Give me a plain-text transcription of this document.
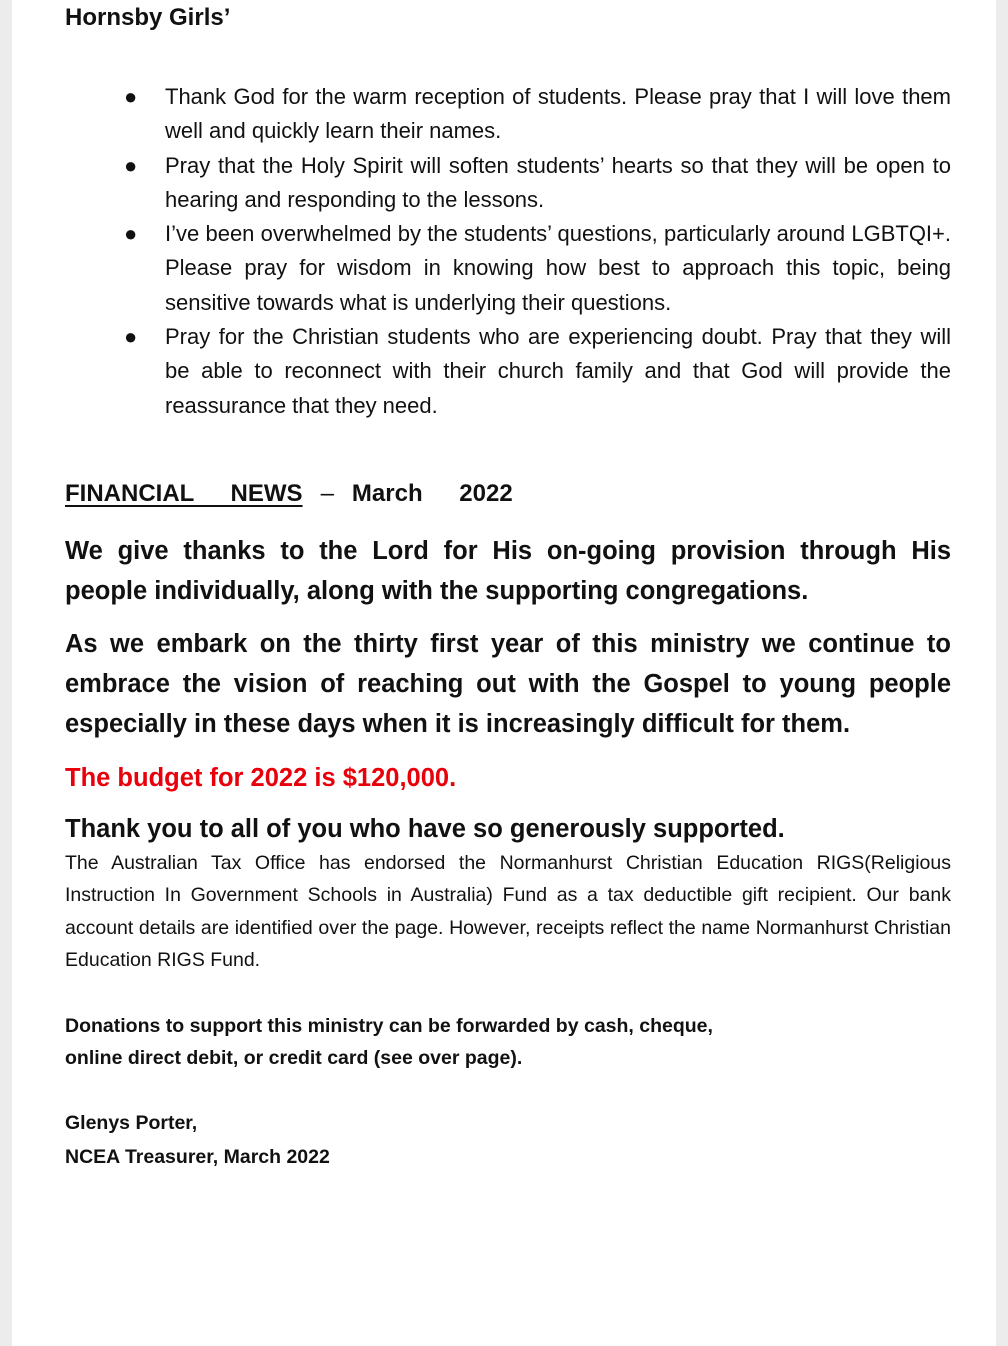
Hornsby Girls’
● Thank God for the warm reception of students. Please pray that I will love them well and quickly learn their names.
● Pray that the Holy Spirit will soften students’ hearts so that they will be open to hearing and responding to the lessons.
● I’ve been overwhelmed by the students’ questions, particularly around LGBTQI+. Please pray for wisdom in knowing how best to approach this topic, being sensitive towards what is underlying their questions.
● Pray for the Christian students who are experiencing doubt. Pray that they will be able to reconnect with their church family and that God will provide the reassurance that they need.
FINANCIAL NEWS – March 2022

We give thanks to the Lord for His on-going provision through His people individually, along with the supporting congregations.

As we embark on the thirty first year of this ministry we continue to embrace the vision of reaching out with the Gospel to young people especially in these days when it is increasingly difficult for them.

The budget for 2022 is $120,000.

Thank you to all of you who have so generously supported.

The Australian Tax Office has endorsed the Normanhurst Christian Education RIGS(Religious Instruction In Government Schools in Australia) Fund as a tax deductible gift recipient. Our bank account details are identified over the page. However, receipts reflect the name Normanhurst Christian Education RIGS Fund.

Donations to support this ministry can be forwarded by cash, cheque,
online direct debit, or credit card (see over page).
Glenys Porter,
NCEA Treasurer, March 2022
